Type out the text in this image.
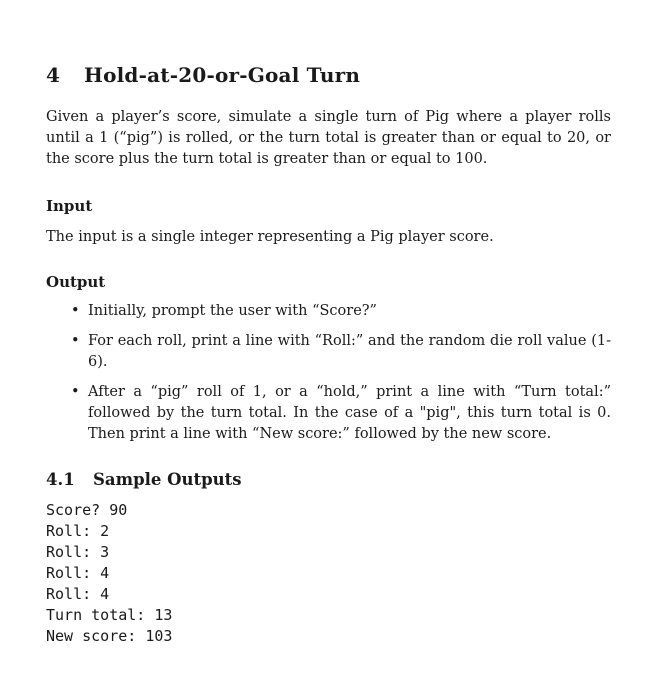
4 Hold-at-20-or-Goal Turn

Given a player’s score, simulate a single turn of Pig where a player rolls until a 1 (“pig”) is rolled, or the turn total is greater than or equal to 20, or the score plus the turn total is greater than or equal to 100.

Input

The input is a single integer representing a Pig player score.

Output
• Initially, prompt the user with “Score?”
• For each roll, print a line with “Roll:” and the random die roll value (1-6).
• After a “pig” roll of 1, or a “hold,” print a line with “Turn total:” followed by the turn total. In the case of a "pig", this turn total is 0. Then print a line with “New score:” followed by the new score.
4.1 Sample Outputs
Score? 90
Roll: 2
Roll: 3
Roll: 4
Roll: 4
Turn total: 13
New score: 103
